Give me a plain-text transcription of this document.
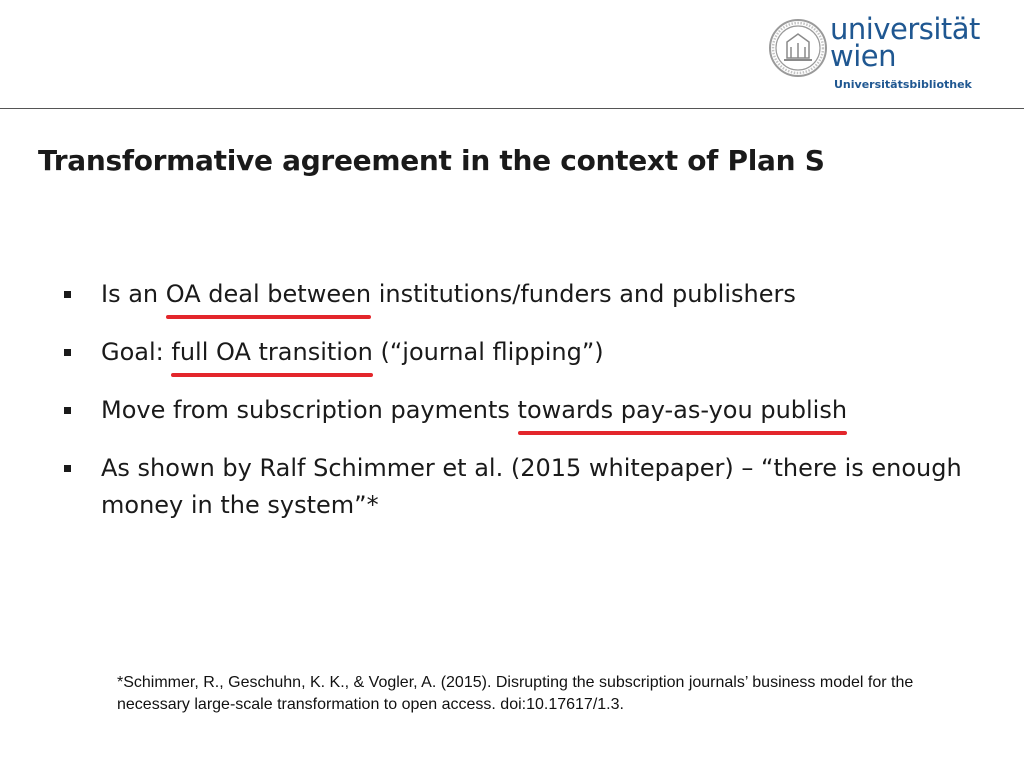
universität
wien
Universitätsbibliothek
Transformative agreement in the context of Plan S
Is an OA deal between institutions/funders and publishers
Goal: full OA transition (“journal flipping”)
Move from subscription payments towards pay-as-you publish
As shown by Ralf Schimmer et al. (2015 whitepaper) – “there is enough money in the system”*

*Schimmer, R., Geschuhn, K. K., & Vogler, A. (2015). Disrupting the subscription journals’ business model for the necessary large-scale transformation to open access. doi:10.17617/1.3.
